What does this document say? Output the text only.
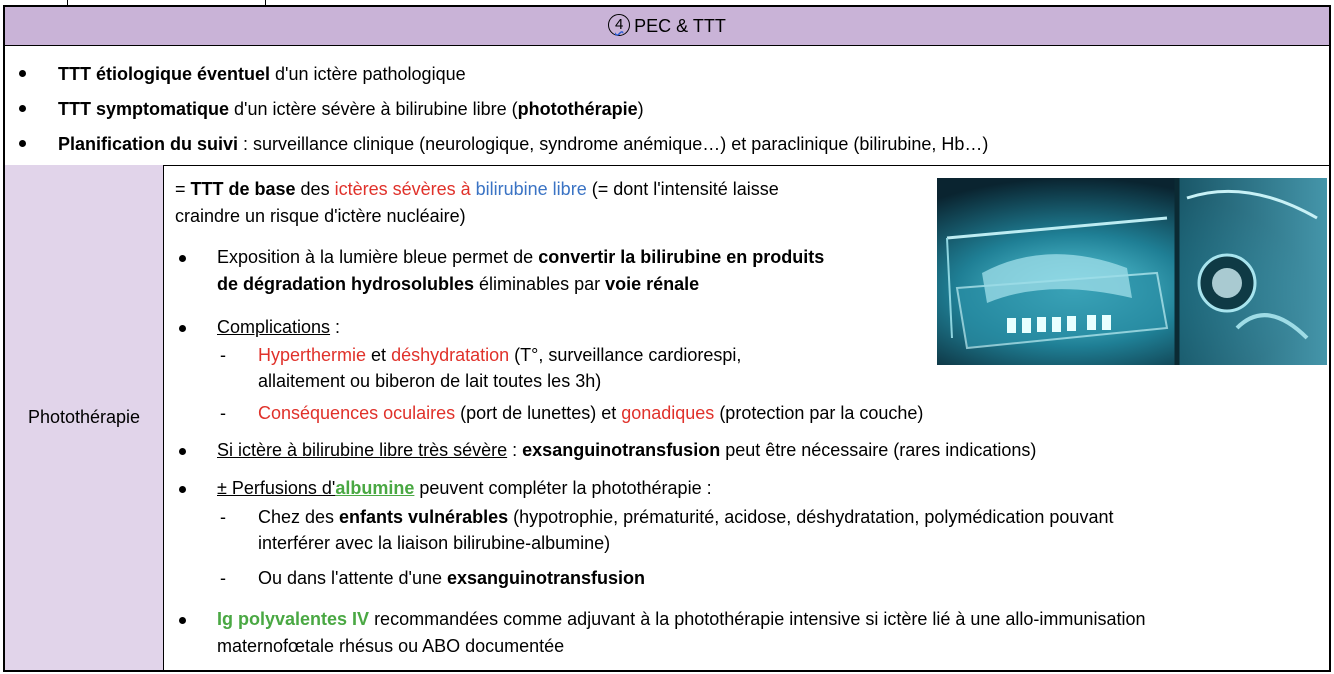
4 PEC & TTT
TTT étiologique éventuel d'un ictère pathologique
TTT symptomatique d'un ictère sévère à bilirubine libre (photothérapie)
Planification du suivi : surveillance clinique (neurologique, syndrome anémique…) et paraclinique (bilirubine, Hb…)
Photothérapie
= TTT de base des ictères sévères à bilirubine libre (= dont l'intensité laisse
craindre un risque d'ictère nucléaire)
Exposition à la lumière bleue permet de convertir la bilirubine en produits
de dégradation hydrosolubles éliminables par voie rénale
Complications :
- Hyperthermie et déshydratation (T°, surveillance cardiorespi,
allaitement ou biberon de lait toutes les 3h)
- Conséquences oculaires (port de lunettes) et gonadiques (protection par la couche)
Si ictère à bilirubine libre très sévère : exsanguinotransfusion peut être nécessaire (rares indications)
± Perfusions d'albumine peuvent compléter la photothérapie :
- Chez des enfants vulnérables (hypotrophie, prématurité, acidose, déshydratation, polymédication pouvant
interférer avec la liaison bilirubine-albumine)
- Ou dans l'attente d'une exsanguinotransfusion
Ig polyvalentes IV recommandées comme adjuvant à la photothérapie intensive si ictère lié à une allo-immunisation
maternofœtale rhésus ou ABO documentée
